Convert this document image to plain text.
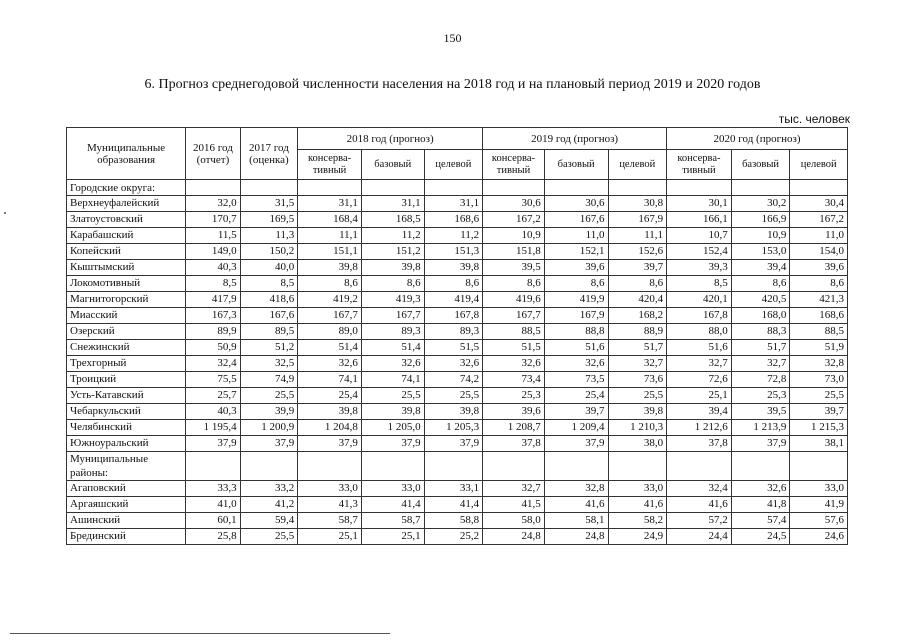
150
6. Прогноз среднегодовой численности населения на 2018 год и на плановый период 2019 и 2020 годов
тыс. человек
Муниципальные образования	2016 год (отчет)	2017 год (оценка)	2018 год (прогноз)			2019 год (прогноз)			2020 год (прогноз)		
			консерва-тивный	базовый	целевой	консерва-тивный	базовый	целевой	консерва-тивный	базовый	целевой
Городские округа:											
Верхнеуфалейский	32,0	31,5	31,1	31,1	31,1	30,6	30,6	30,8	30,1	30,2	30,4
Златоустовский	170,7	169,5	168,4	168,5	168,6	167,2	167,6	167,9	166,1	166,9	167,2
Карабашский	11,5	11,3	11,1	11,2	11,2	10,9	11,0	11,1	10,7	10,9	11,0
Копейский	149,0	150,2	151,1	151,2	151,3	151,8	152,1	152,6	152,4	153,0	154,0
Кыштымский	40,3	40,0	39,8	39,8	39,8	39,5	39,6	39,7	39,3	39,4	39,6
Локомотивный	8,5	8,5	8,6	8,6	8,6	8,6	8,6	8,6	8,5	8,6	8,6
Магнитогорский	417,9	418,6	419,2	419,3	419,4	419,6	419,9	420,4	420,1	420,5	421,3
Миасский	167,3	167,6	167,7	167,7	167,8	167,7	167,9	168,2	167,8	168,0	168,6
Озерский	89,9	89,5	89,0	89,3	89,3	88,5	88,8	88,9	88,0	88,3	88,5
Снежинский	50,9	51,2	51,4	51,4	51,5	51,5	51,6	51,7	51,6	51,7	51,9
Трехгорный	32,4	32,5	32,6	32,6	32,6	32,6	32,6	32,7	32,7	32,7	32,8
Троицкий	75,5	74,9	74,1	74,1	74,2	73,4	73,5	73,6	72,6	72,8	73,0
Усть-Катавский	25,7	25,5	25,4	25,5	25,5	25,3	25,4	25,5	25,1	25,3	25,5
Чебаркульский	40,3	39,9	39,8	39,8	39,8	39,6	39,7	39,8	39,4	39,5	39,7
Челябинский	1 195,4	1 200,9	1 204,8	1 205,0	1 205,3	1 208,7	1 209,4	1 210,3	1 212,6	1 213,9	1 215,3
Южноуральский	37,9	37,9	37,9	37,9	37,9	37,8	37,9	38,0	37,8	37,9	38,1
Муниципальные районы:											
Агаповский	33,3	33,2	33,0	33,0	33,1	32,7	32,8	33,0	32,4	32,6	33,0
Аргаяшский	41,0	41,2	41,3	41,4	41,4	41,5	41,6	41,6	41,6	41,8	41,9
Ашинский	60,1	59,4	58,7	58,7	58,8	58,0	58,1	58,2	57,2	57,4	57,6
Брединский	25,8	25,5	25,1	25,1	25,2	24,8	24,8	24,9	24,4	24,5	24,6
